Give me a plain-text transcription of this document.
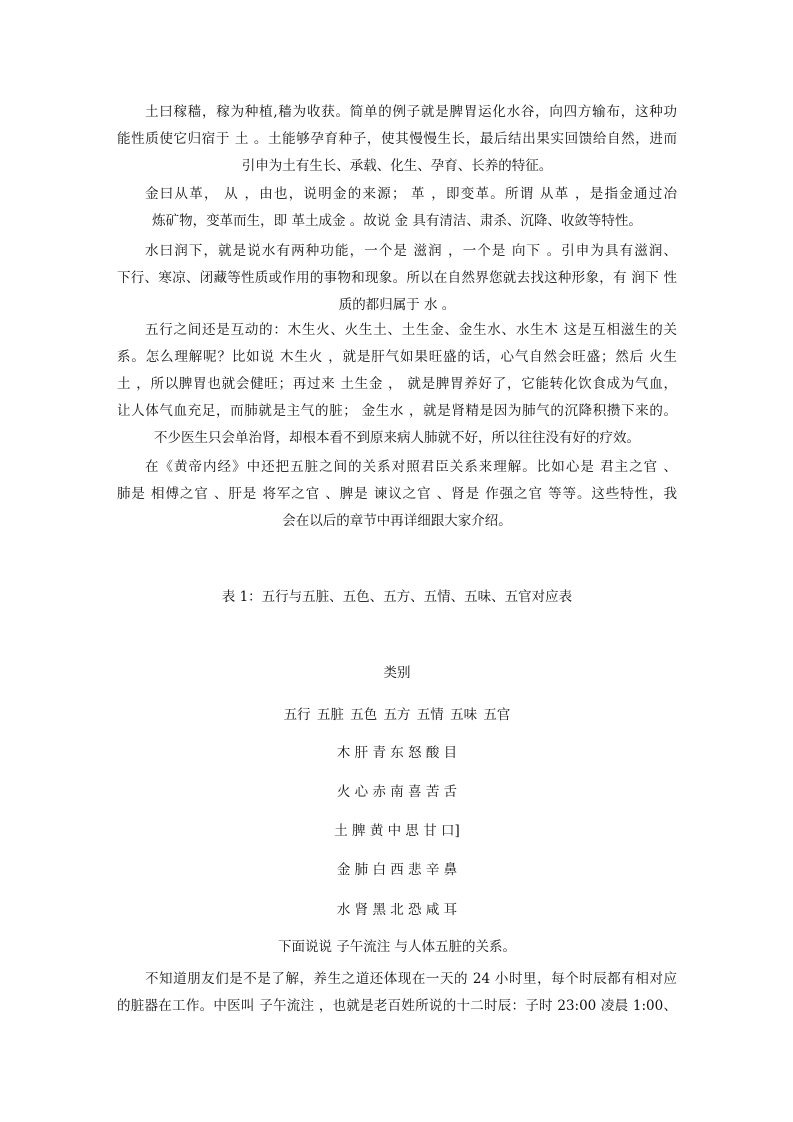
土曰稼穑，稼为种植,穑为收获。简单的例子就是脾胃运化水谷，向四方输布，这种功
能性质使它归宿于 土 。土能够孕育种子，使其慢慢生长，最后结出果实回馈给自然，进而
引申为土有生长、承载、化生、孕育、长养的特征。
金曰从革， 从 ，由也，说明金的来源； 革 ，即变革。所谓 从革 ，是指金通过冶
炼矿物，变革而生，即 革土成金 。故说 金 具有清洁、肃杀、沉降、收敛等特性。
水曰润下，就是说水有两种功能，一个是 滋润 ，一个是 向下 。引申为具有滋润、
下行、寒凉、闭藏等性质或作用的事物和现象。所以在自然界您就去找这种形象，有 润下 性
质的都归属于 水 。
五行之间还是互动的：木生火、火生土、土生金、金生水、水生木 这是互相滋生的关
系。怎么理解呢？比如说 木生火 ，就是肝气如果旺盛的话，心气自然会旺盛；然后 火生
土 ，所以脾胃也就会健旺；再过来 土生金 ， 就是脾胃养好了，它能转化饮食成为气血，
让人体气血充足，而肺就是主气的脏； 金生水 ，就是肾精是因为肺气的沉降积攒下来的。
不少医生只会单治肾，却根本看不到原来病人肺就不好，所以往往没有好的疗效。
在《黄帝内经》中还把五脏之间的关系对照君臣关系来理解。比如心是 君主之官 、
肺是 相傅之官 、肝是 将军之官 、脾是 谏议之官 、肾是 作强之官 等等。这些特性，我
会在以后的章节中再详细跟大家介绍。

表 1：五行与五脏、五色、五方、五情、五味、五官对应表

类别

五行 五脏 五色 五方 五情 五味 五官

木 肝 青 东 怒 酸 目

火 心 赤 南 喜 苦 舌

土 脾 黄 中 思 甘 口]

金 肺 白 西 悲 辛 鼻

水 肾 黑 北 恐 咸 耳

下面说说 子午流注 与人体五脏的关系。

不知道朋友们是不是了解，养生之道还体现在一天的 24 小时里，每个时辰都有相对应
的脏器在工作。中医叫 子午流注 ，也就是老百姓所说的十二时辰：子时 23:00 凌晨 1:00、
